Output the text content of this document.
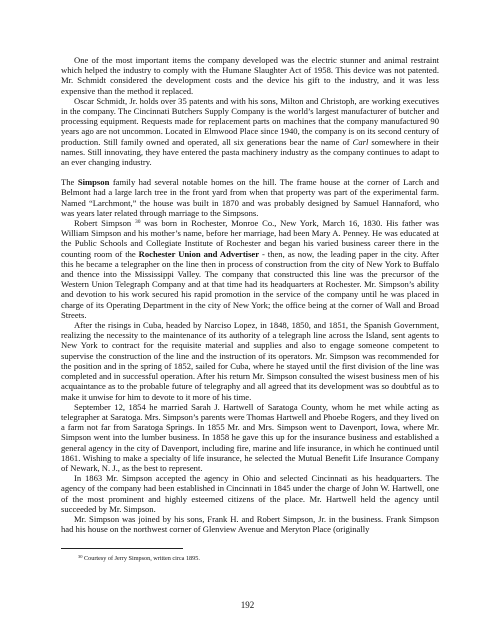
One of the most important items the company developed was the electric stunner and animal restraint which helped the industry to comply with the Humane Slaughter Act of 1958. This device was not patented. Mr. Schmidt considered the development costs and the device his gift to the industry, and it was less expensive than the method it replaced.

Oscar Schmidt, Jr. holds over 35 patents and with his sons, Milton and Christoph, are working executives in the company. The Cincinnati Butchers Supply Company is the world’s largest manufacturer of butcher and processing equipment. Requests made for replacement parts on machines that the company manufactured 90 years ago are not uncommon. Located in Elmwood Place since 1940, the company is on its second century of production. Still family owned and operated, all six generations bear the name of Carl somewhere in their names. Still innovating, they have entered the pasta machinery industry as the company continues to adapt to an ever changing industry.

The Simpson family had several notable homes on the hill. The frame house at the corner of Larch and Belmont had a large larch tree in the front yard from when that property was part of the experimental farm. Named “Larchmont,” the house was built in 1870 and was probably designed by Samuel Hannaford, who was years later related through marriage to the Simpsons.

Robert Simpson $^{30}$ was born in Rochester, Monroe Co., New York, March 16, 1830. His father was William Simpson and his mother’s name, before her marriage, had been Mary A. Penney. He was educated at the Public Schools and Collegiate Institute of Rochester and began his varied business career there in the counting room of the Rochester Union and Advertiser - then, as now, the leading paper in the city. After this he became a telegrapher on the line then in process of construction from the city of New York to Buffalo and thence into the Mississippi Valley. The company that constructed this line was the precursor of the Western Union Telegraph Company and at that time had its headquarters at Rochester. Mr. Simpson’s ability and devotion to his work secured his rapid promotion in the service of the company until he was placed in charge of its Operating Department in the city of New York; the office being at the corner of Wall and Broad Streets.

After the risings in Cuba, headed by Narciso Lopez, in 1848, 1850, and 1851, the Spanish Government, realizing the necessity to the maintenance of its authority of a telegraph line across the Island, sent agents to New York to contract for the requisite material and supplies and also to engage someone competent to supervise the construction of the line and the instruction of its operators. Mr. Simpson was recommended for the position and in the spring of 1852, sailed for Cuba, where he stayed until the first division of the line was completed and in successful operation. After his return Mr. Simpson consulted the wisest business men of his acquaintance as to the probable future of telegraphy and all agreed that its development was so doubtful as to make it unwise for him to devote to it more of his time.

September 12, 1854 he married Sarah J. Hartwell of Saratoga County, whom he met while acting as telegrapher at Saratoga. Mrs. Simpson’s parents were Thomas Hartwell and Phoebe Rogers, and they lived on a farm not far from Saratoga Springs. In 1855 Mr. and Mrs. Simpson went to Davenport, Iowa, where Mr. Simpson went into the lumber business. In 1858 he gave this up for the insurance business and established a general agency in the city of Davenport, including fire, marine and life insurance, in which he continued until 1861. Wishing to make a specialty of life insurance, he selected the Mutual Benefit Life Insurance Company of Newark, N. J., as the best to represent.

In 1863 Mr. Simpson accepted the agency in Ohio and selected Cincinnati as his headquarters. The agency of the company had been established in Cincinnati in 1845 under the charge of John W. Hartwell, one of the most prominent and highly esteemed citizens of the place. Mr. Hartwell held the agency until succeeded by Mr. Simpson.

Mr. Simpson was joined by his sons, Frank H. and Robert Simpson, Jr. in the business. Frank Simpson had his house on the northwest corner of Glenview Avenue and Meryton Place (originally

$^{30}$ Courtesy of Jerry Simpson, written circa 1895.
192
